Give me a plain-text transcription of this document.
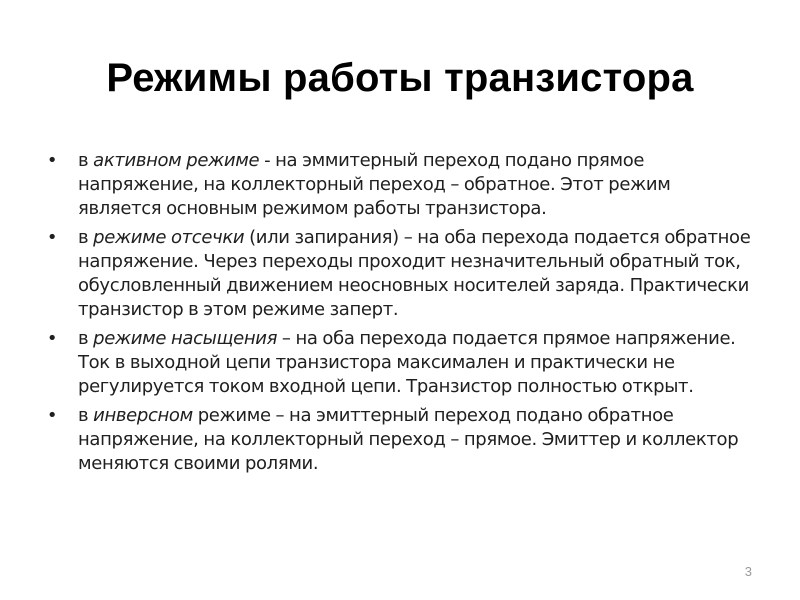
Режимы работы транзистора
• в активном режиме - на эммитерный переход подано прямое напряжение, на коллекторный переход – обратное. Этот режим является основным режимом работы транзистора.
• в режиме отсечки (или запирания) – на оба перехода подается обратное напряжение. Через переходы проходит незначительный обратный ток, обусловленный движением неосновных носителей заряда. Практически транзистор в этом режиме заперт.
• в режиме насыщения – на оба перехода подается прямое напряжение. Ток в выходной цепи транзистора максимален и практически не регулируется током входной цепи. Транзистор полностью открыт.
• в инверсном режиме – на эмиттерный переход подано обратное напряжение, на коллекторный переход – прямое. Эмиттер и коллектор меняются своими ролями.
3
